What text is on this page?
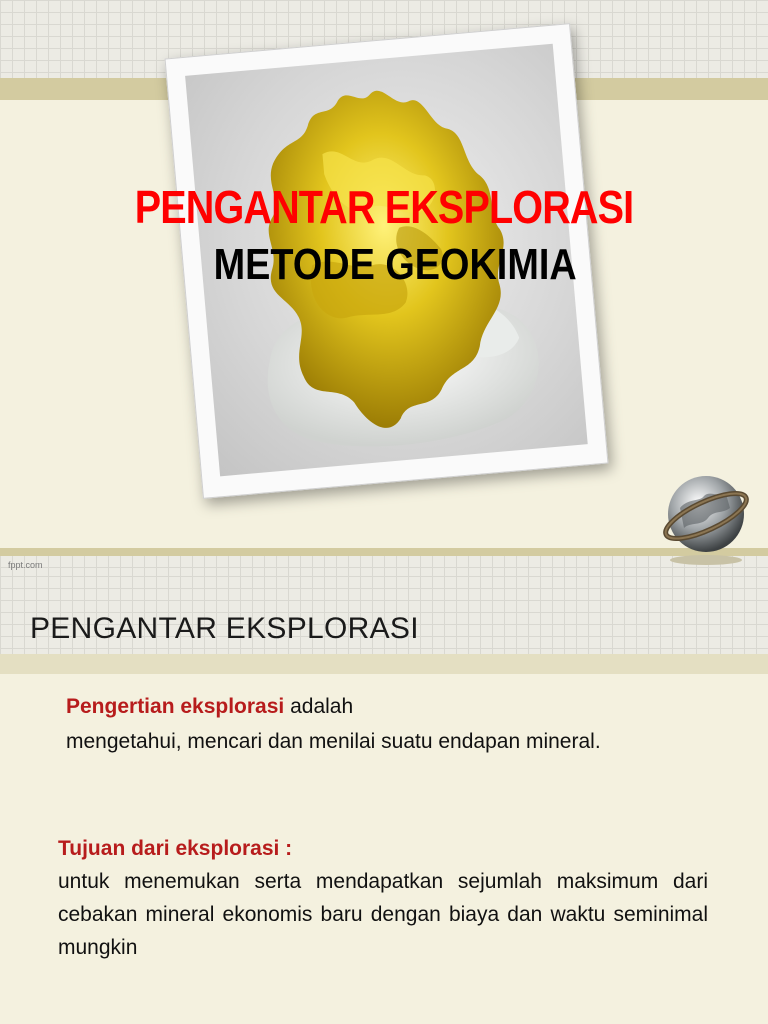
PENGANTAR EKSPLORASI
METODE GEOKIMIA
fppt.com
PENGANTAR EKSPLORASI
Pengertian eksplorasi adalah
mengetahui, mencari dan menilai suatu endapan mineral.
Tujuan dari eksplorasi :
untuk menemukan serta mendapatkan sejumlah maksimum dari cebakan mineral ekonomis baru dengan biaya dan waktu seminimal mungkin
